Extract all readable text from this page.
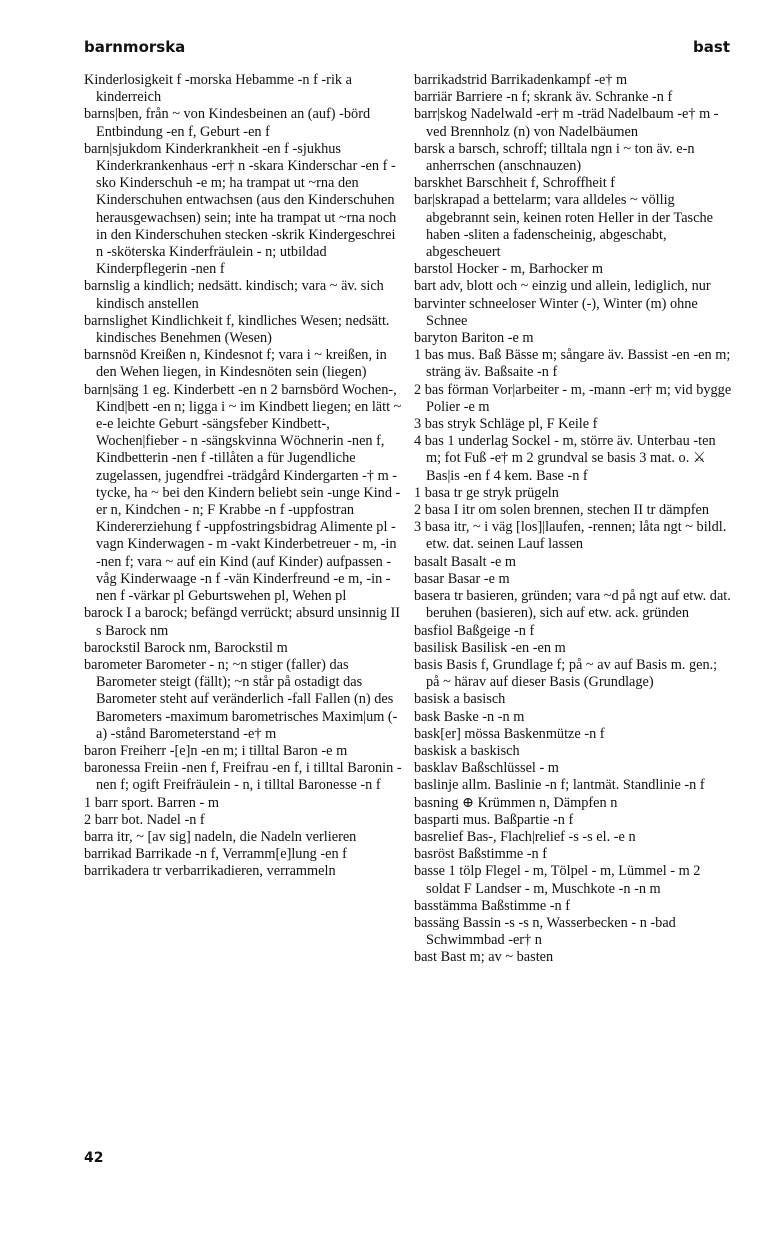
barnmorska	bast

Kinderlosigkeit f -morska Hebamme -n f -rik a kinderreich

barns|ben, från ~ von Kindesbeinen an (auf) -börd Entbindung -en f, Geburt -en f

barn|sjukdom Kinderkrankheit -en f -sjukhus Kinderkrankenhaus -er† n -skara Kinderschar -en f -sko Kinderschuh -e m; ha trampat ut ~rna den Kinderschuhen entwachsen (aus den Kinderschuhen herausgewachsen) sein; inte ha trampat ut ~rna noch in den Kinderschuhen stecken -skrik Kindergeschrei n -sköterska Kinderfräulein - n; utbildad Kinderpflegerin -nen f

barnslig a kindlich; nedsätt. kindisch; vara ~ äv. sich kindisch anstellen

barnslighet Kindlichkeit f, kindliches Wesen; nedsätt. kindisches Benehmen (Wesen)

barnsnöd Kreißen n, Kindesnot f; vara i ~ kreißen, in den Wehen liegen, in Kindesnöten sein (liegen)

barn|säng 1 eg. Kinderbett -en n 2 barnsbörd Wochen-, Kind|bett -en n; ligga i ~ im Kindbett liegen; en lätt ~ e-e leichte Geburt -sängsfeber Kindbett-, Wochen|fieber - n -sängskvinna Wöchnerin -nen f, Kindbetterin -nen f -tillåten a für Jugendliche zugelassen, jugendfrei -trädgård Kindergarten -† m -tycke, ha ~ bei den Kindern beliebt sein -unge Kind -er n, Kindchen - n; F Krabbe -n f -uppfostran Kindererziehung f -uppfostringsbidrag Alimente pl -vagn Kinderwagen - m -vakt Kinderbetreuer - m, -in -nen f; vara ~ auf ein Kind (auf Kinder) aufpassen -våg Kinderwaage -n f -vän Kinderfreund -e m, -in -nen f -värkar pl Geburtswehen pl, Wehen pl

barock I a barock; befängd verrückt; absurd unsinnig II s Barock nm

barockstil Barock nm, Barockstil m

barometer Barometer - n; ~n stiger (faller) das Barometer steigt (fällt); ~n står på ostadigt das Barometer steht auf veränderlich -fall Fallen (n) des Barometers -maximum barometrisches Maxim|um (-a) -stånd Barometerstand -e† m

baron Freiherr -[e]n -en m; i tilltal Baron -e m

baronessa Freiin -nen f, Freifrau -en f, i tilltal Baronin -nen f; ogift Freifräulein - n, i tilltal Baronesse -n f

1 barr sport. Barren - m

2 barr bot. Nadel -n f

barra itr, ~ [av sig] nadeln, die Nadeln verlieren

barrikad Barrikade -n f, Verramm[e]lung -en f

barrikadera tr verbarrikadieren, verrammeln

barrikadstrid Barrikadenkampf -e† m

barriär Barriere -n f; skrank äv. Schranke -n f

barr|skog Nadelwald -er† m -träd Nadelbaum -e† m -ved Brennholz (n) von Nadelbäumen

barsk a barsch, schroff; tilltala ngn i ~ ton äv. e-n anherrschen (anschnauzen)

barskhet Barschheit f, Schroffheit f

bar|skrapad a bettelarm; vara alldeles ~ völlig abgebrannt sein, keinen roten Heller in der Tasche haben -sliten a fadenscheinig, abgeschabt, abgescheuert

barstol Hocker - m, Barhocker m

bart adv, blott och ~ einzig und allein, lediglich, nur

barvinter schneeloser Winter (-), Winter (m) ohne Schnee

baryton Bariton -e m

1 bas mus. Baß Bässe m; sångare äv. Bassist -en -en m; sträng äv. Baßsaite -n f

2 bas förman Vor|arbeiter - m, -mann -er† m; vid bygge Polier -e m

3 bas stryk Schläge pl, F Keile f

4 bas 1 underlag Sockel - m, större äv. Unterbau -ten m; fot Fuß -e† m 2 grundval se basis 3 mat. o. ⚔ Bas|is -en f 4 kem. Base -n f

1 basa tr ge stryk prügeln

2 basa I itr om solen brennen, stechen II tr dämpfen

3 basa itr, ~ i väg [los]|laufen, -rennen; låta ngt ~ bildl. etw. dat. seinen Lauf lassen

basalt Basalt -e m

basar Basar -e m

basera tr basieren, gründen; vara ~d på ngt auf etw. dat. beruhen (basieren), sich auf etw. ack. gründen

basfiol Baßgeige -n f

basilisk Basilisk -en -en m

basis Basis f, Grundlage f; på ~ av auf Basis m. gen.; på ~ härav auf dieser Basis (Grundlage)

basisk a basisch

bask Baske -n -n m

bask[er] mössa Baskenmütze -n f

baskisk a baskisch

basklav Baßschlüssel - m

baslinje allm. Baslinie -n f; lantmät. Standlinie -n f

basning ⊕ Krümmen n, Dämpfen n

basparti mus. Baßpartie -n f

basrelief Bas-, Flach|relief -s -s el. -e n

basröst Baßstimme -n f

basse 1 tölp Flegel - m, Tölpel - m, Lümmel - m 2 soldat F Landser - m, Muschkote -n -n m

basstämma Baßstimme -n f

bassäng Bassin -s -s n, Wasserbecken - n -bad Schwimmbad -er† n

bast Bast m; av ~ basten

42
